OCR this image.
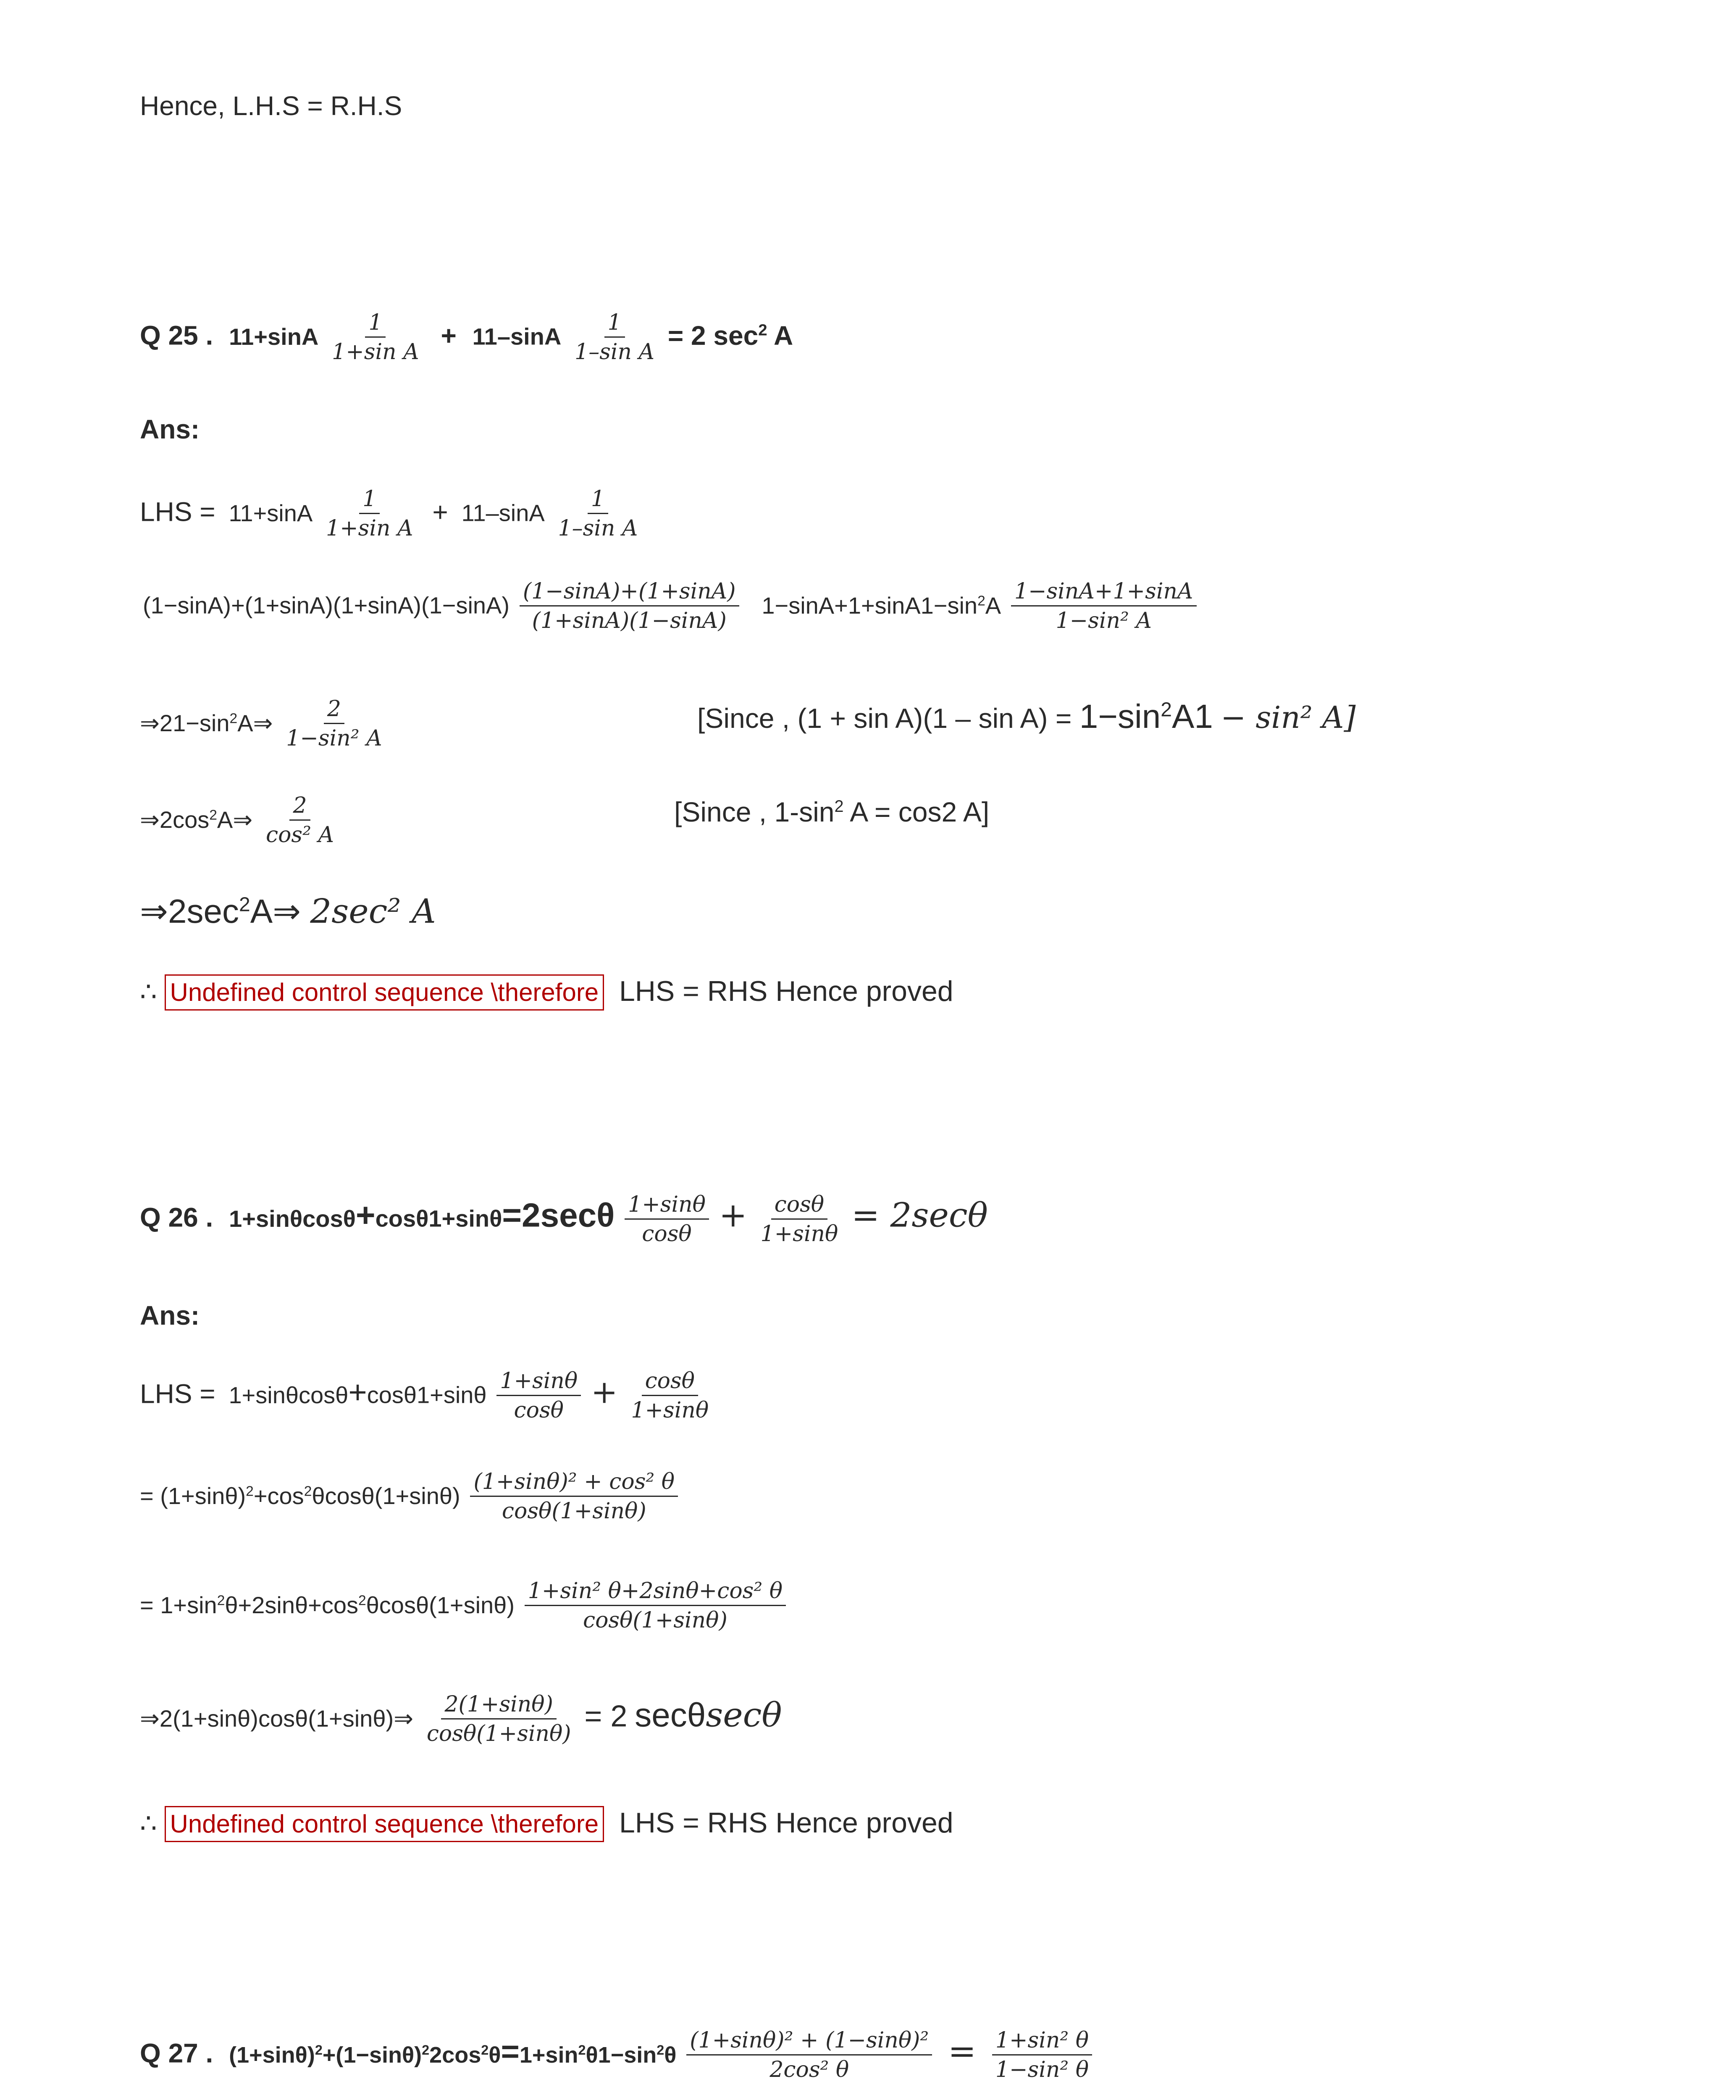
Hence, L.H.S = R.H.S
Q 25 . $11+\sin A \frac{1}{\text{1+sin A}} + 11-\sin A \frac{1}{\text{1–sin A}} = 2$ $\sec^2 A$
Ans:
LHS = $11+\sin A \frac{1}{\text{1+sin A}} + 11-\sin A \frac{1}{\text{1–sin A}}$
$(1-\sin A)+(1+\sin A)(1+\sin A)(1-\sin A) \frac{(1-\sin A)+(1+\sin A)}{(1+\sin A)(1-\sin A)} 1-\sin A+1+\sin A1-\sin^2A \frac{1-\sin A+1+\sin A}{\text{1−sin² A}}$
$\Rightarrow 21-\sin^2A\Rightarrow \frac{2}{\text{1−sin² A}}$	[Since , $(1 + \sin A)(1 - \sin A) = 1-\sin^2A1 - \sin^2$ A]
$\Rightarrow 2\cos^2A\Rightarrow \frac{2}{\text{cos² A}}$	[Since , $1-\sin^2$ A = cos2 A]
$\Rightarrow 2\sec^2A\Rightarrow$ 2sec² A
∴ Undefined control sequence \therefore LHS = RHS Hence proved
Q 26 . $1+\sin\theta\cos\theta+\cos\theta 1+\sin\theta=2\sec\theta \frac{1+\sin\theta}{\cos\theta} + \frac{\cos\theta}{1+\sin\theta} = 2\sec\theta$
Ans:
LHS = $1+\sin\theta\cos\theta+\cos\theta 1+\sin\theta \frac{1+\sin\theta}{\cos\theta} + \frac{\cos\theta}{1+\sin\theta}$
= $(1+\sin\theta)^2+\cos^2\theta\cos\theta(1+\sin\theta) \frac{\text{(1+sinθ)² + cos² θ}}{\cos\theta(1+\sin\theta)}$
= $1+\sin^2\theta+2\sin\theta+\cos^2\theta\cos\theta(1+\sin\theta) \frac{\text{1+sin² θ+2sinθ+cos² θ}}{\cos\theta(1+\sin\theta)}$
⇒2(1+sinθ)cosθ(1+sinθ)⇒ $\frac{2(1+\sin\theta)}{\cos\theta(1+\sin\theta)} = 2$ secθsecθ
∴ Undefined control sequence \therefore LHS = RHS Hence proved
Q 27 . $(1+\sin\theta)^2+(1-\sin\theta)^22\cos^2\theta=1+\sin^2\theta 1-\sin^2\theta \frac{\text{(1+sinθ)² + (1−sinθ)²}}{\text{2cos² θ}} = \frac{\text{1+sin² θ}}{\text{1−sin² θ}}$
